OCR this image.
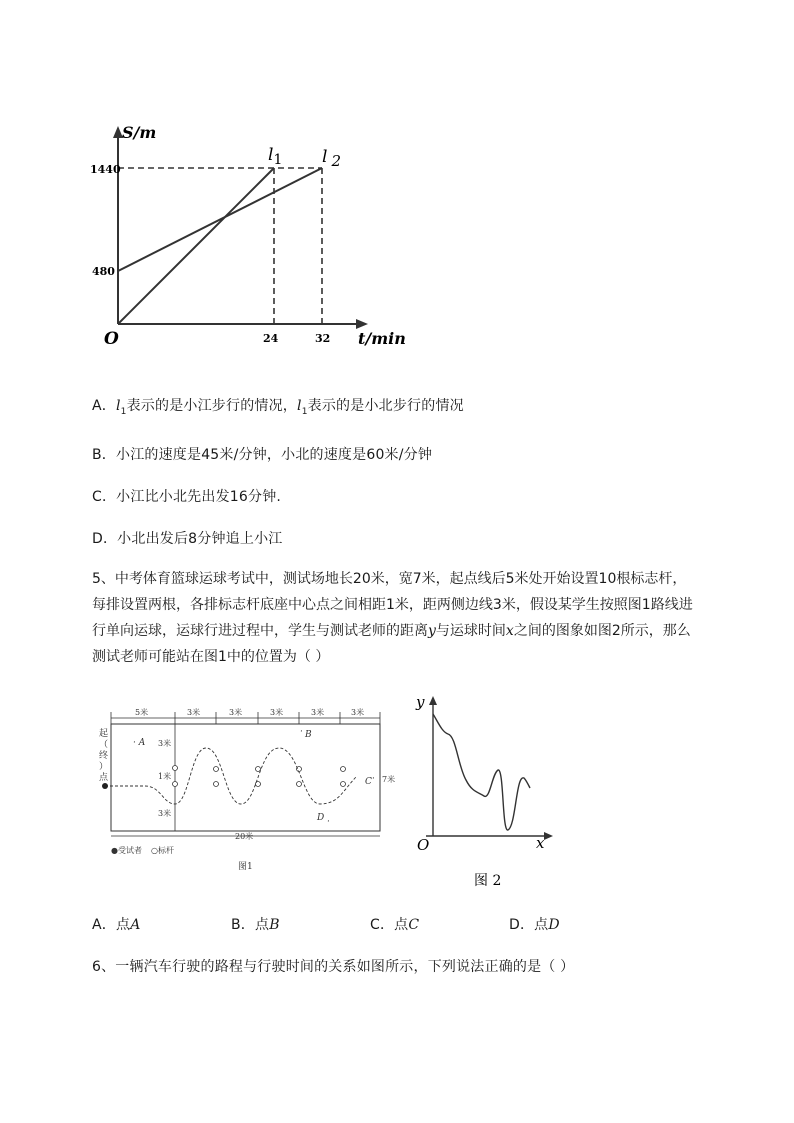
S/m
t/min
O
1440
480
24	32
$l_1$ l 2
A．$l_1$表示的是小江步行的情况，$l_1$表示的是小北步行的情况
B．小江的速度是45米/分钟，小北的速度是60米/分钟
C．小江比小北先出发16分钟.
D．小北出发后8分钟追上小江
5、中考体育篮球运球考试中，测试场地长20米，宽7米，起点线后5米处开始设置10根标志杆，
每排设置两根，各排标志杆底座中心点之间相距1米，距两侧边线3米，假设某学生按照图1路线进
行单向运球，运球行进过程中，学生与测试老师的距离y与运球时间x之间的图象如图2所示，那么
测试老师可能站在图1中的位置为（ ）
5米	3米	3米	3米	3米	3米
起
（
终
）
点
3米
1米
3米
· A
· B
C ·
D ·
7米
20米
●受试者 ○标杆
图1
y
x
O
图 2
A．点A	B．点B	C．点C	D．点D
6、一辆汽车行驶的路程与行驶时间的关系如图所示，下列说法正确的是（ ）
